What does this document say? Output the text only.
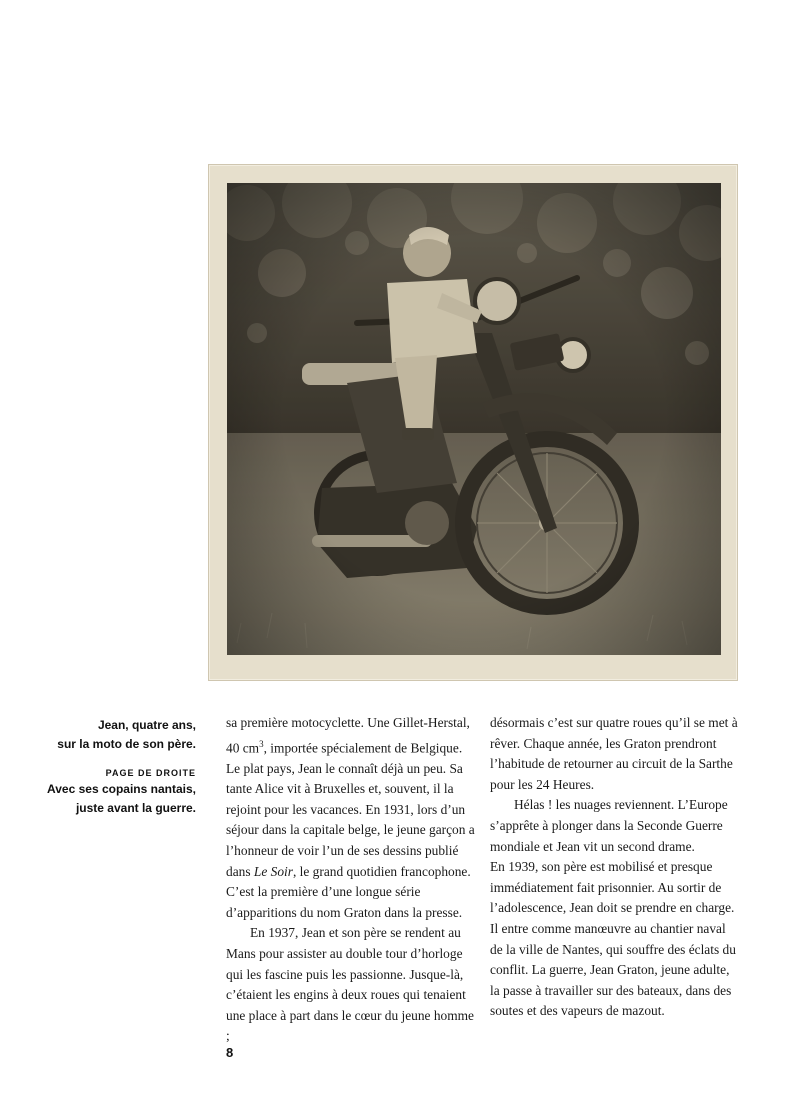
Jean, quatre ans,
sur la moto de son père.
PAGE DE DROITE
Avec ses copains nantais,
juste avant la guerre.

sa première motocyclette. Une Gillet-Herstal, 40 $cm^3$, importée spécialement de Belgique. Le plat pays, Jean le connaît déjà un peu. Sa tante Alice vit à Bruxelles et, souvent, il la rejoint pour les vacances. En 1931, lors d’un séjour dans la capitale belge, le jeune garçon a l’honneur de voir l’un de ses dessins publié dans Le Soir, le grand quotidien francophone. C’est la première d’une longue série d’apparitions du nom Graton dans la presse.

En 1937, Jean et son père se rendent au Mans pour assister au double tour d’horloge qui les fascine puis les passionne. Jusque-là, c’étaient les engins à deux roues qui tenaient une place à part dans le cœur du jeune homme ;

désormais c’est sur quatre roues qu’il se met à rêver. Chaque année, les Graton prendront l’habitude de retourner au circuit de la Sarthe pour les 24 Heures.

Hélas ! les nuages reviennent. L’Europe s’apprête à plonger dans la Seconde Guerre mondiale et Jean vit un second drame.

En 1939, son père est mobilisé et presque immédiatement fait prisonnier. Au sortir de l’adolescence, Jean doit se prendre en charge. Il entre comme manœuvre au chantier naval de la ville de Nantes, qui souffre des éclats du conflit. La guerre, Jean Graton, jeune adulte, la passe à travailler sur des bateaux, dans des soutes et des vapeurs de mazout.

8
